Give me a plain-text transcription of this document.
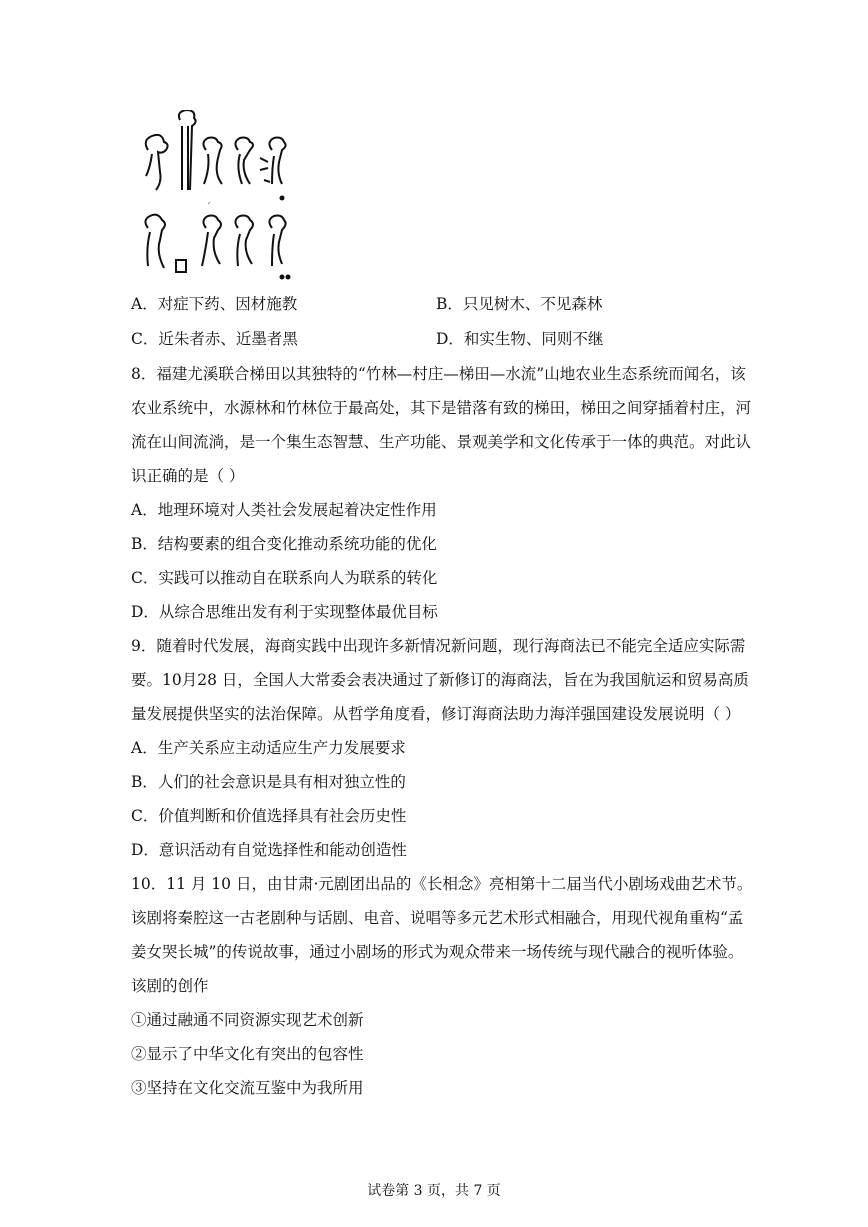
A．对症下药、因材施教	B．只见树木、不见森林
C．近朱者赤、近墨者黑	D．和实生物、同则不继
8．福建尤溪联合梯田以其独特的“竹林—村庄—梯田—水流”山地农业生态系统而闻名，该
农业系统中，水源林和竹林位于最高处，其下是错落有致的梯田，梯田之间穿插着村庄，河
流在山间流淌，是一个集生态智慧、生产功能、景观美学和文化传承于一体的典范。对此认
识正确的是（ ）
A．地理环境对人类社会发展起着决定性作用
B．结构要素的组合变化推动系统功能的优化
C．实践可以推动自在联系向人为联系的转化
D．从综合思维出发有利于实现整体最优目标
9．随着时代发展，海商实践中出现许多新情况新问题，现行海商法已不能完全适应实际需
要。10月28 日，全国人大常委会表决通过了新修订的海商法，旨在为我国航运和贸易高质
量发展提供坚实的法治保障。从哲学角度看，修订海商法助力海洋强国建设发展说明（ ）
A．生产关系应主动适应生产力发展要求
B．人们的社会意识是具有相对独立性的
C．价值判断和价值选择具有社会历史性
D．意识活动有自觉选择性和能动创造性
10．11 月 10 日，由甘肃·元剧团出品的《长相念》亮相第十二届当代小剧场戏曲艺术节。
该剧将秦腔这一古老剧种与话剧、电音、说唱等多元艺术形式相融合，用现代视角重构“孟
姜女哭长城”的传说故事，通过小剧场的形式为观众带来一场传统与现代融合的视听体验。
该剧的创作
①通过融通不同资源实现艺术创新
②显示了中华文化有突出的包容性
③坚持在文化交流互鉴中为我所用
试卷第 3 页，共 7 页
